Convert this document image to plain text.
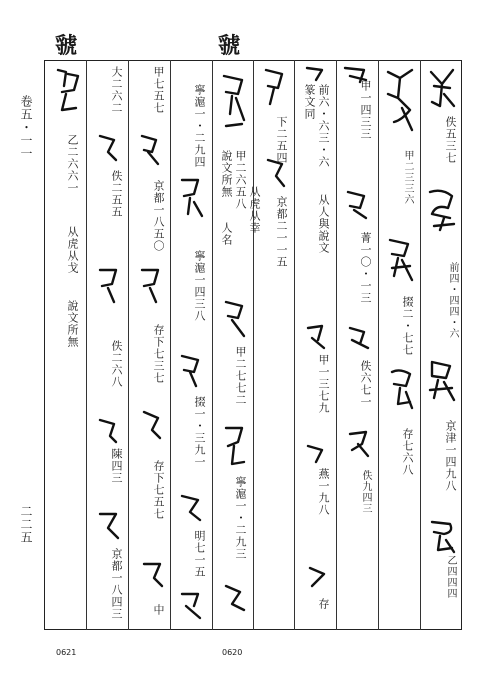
虢	虢
卷五・一一
二二五
佚五三七
前四・四四・六
京津一四九八
乙四四四
甲二三三六
掇二・七七
存七六八
甲一四三三
菁一〇・一三
佚六七一
佚九四三
前六・六三・六
从人與說文
篆文同
甲一三七九
燕一九八
存
下二五四
京都二一一五
甲二六五八 从虎从幸
說文所無
人名
甲二七七二
寧滬一・二九三
寧滬一・二九四
寧滬一四三八
掇一・三九一
明七一五
甲七五七
京都一八五〇
存下七三七
存下七五七
中
大二六二
佚二五五
佚二六八
陳四三
京都一八四三
乙二六六一
从虎从戈
說文所無
0621	0620
